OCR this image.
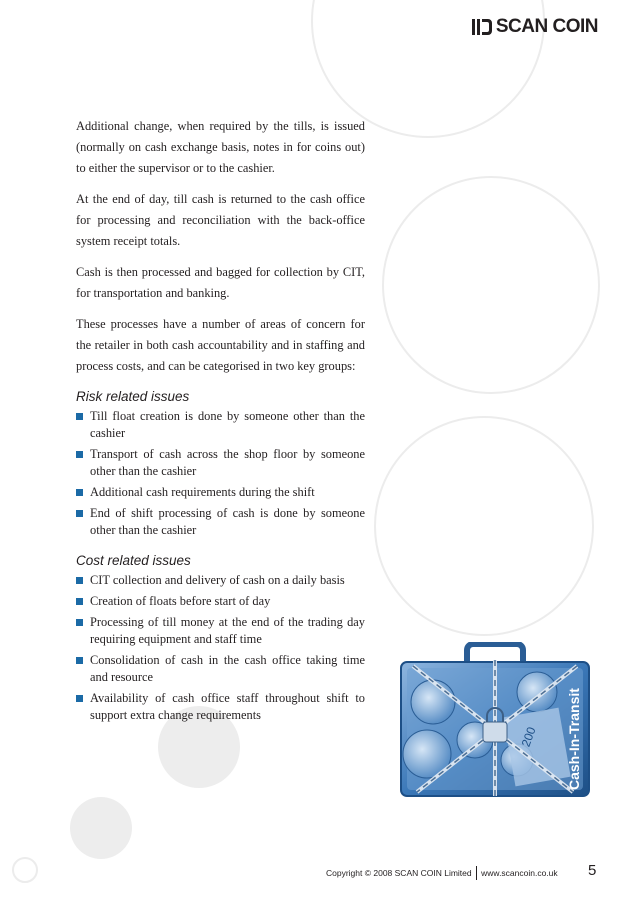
SCAN COIN

Additional change, when required by the tills, is issued (normally on cash exchange basis, notes in for coins out) to either the supervisor or to the cashier.

At the end of day, till cash is returned to the cash office for processing and reconciliation with the back-office system receipt totals.

Cash is then processed and bagged for collection by CIT, for transportation and banking.

These processes have a number of areas of concern for the retailer in both cash accountability and in staffing and process costs, and can be categorised in two key groups:

Risk related issues
Till float creation is done by someone other than the cashier
Transport of cash across the shop floor by someone other than the cashier
Additional cash requirements during the shift
End of shift processing of cash is done by someone other than the cashier
Cost related issues
CIT collection and delivery of cash on a daily basis
Creation of floats before start of day
Processing of till money at the end of the trading day requiring equipment and staff time
Consolidation of cash in the cash office taking time and resource
Availability of cash office staff throughout shift to support extra change requirements
200 Cash-In-Transit
Copyright © 2008 SCAN COIN Limited www.scancoin.co.uk 5
